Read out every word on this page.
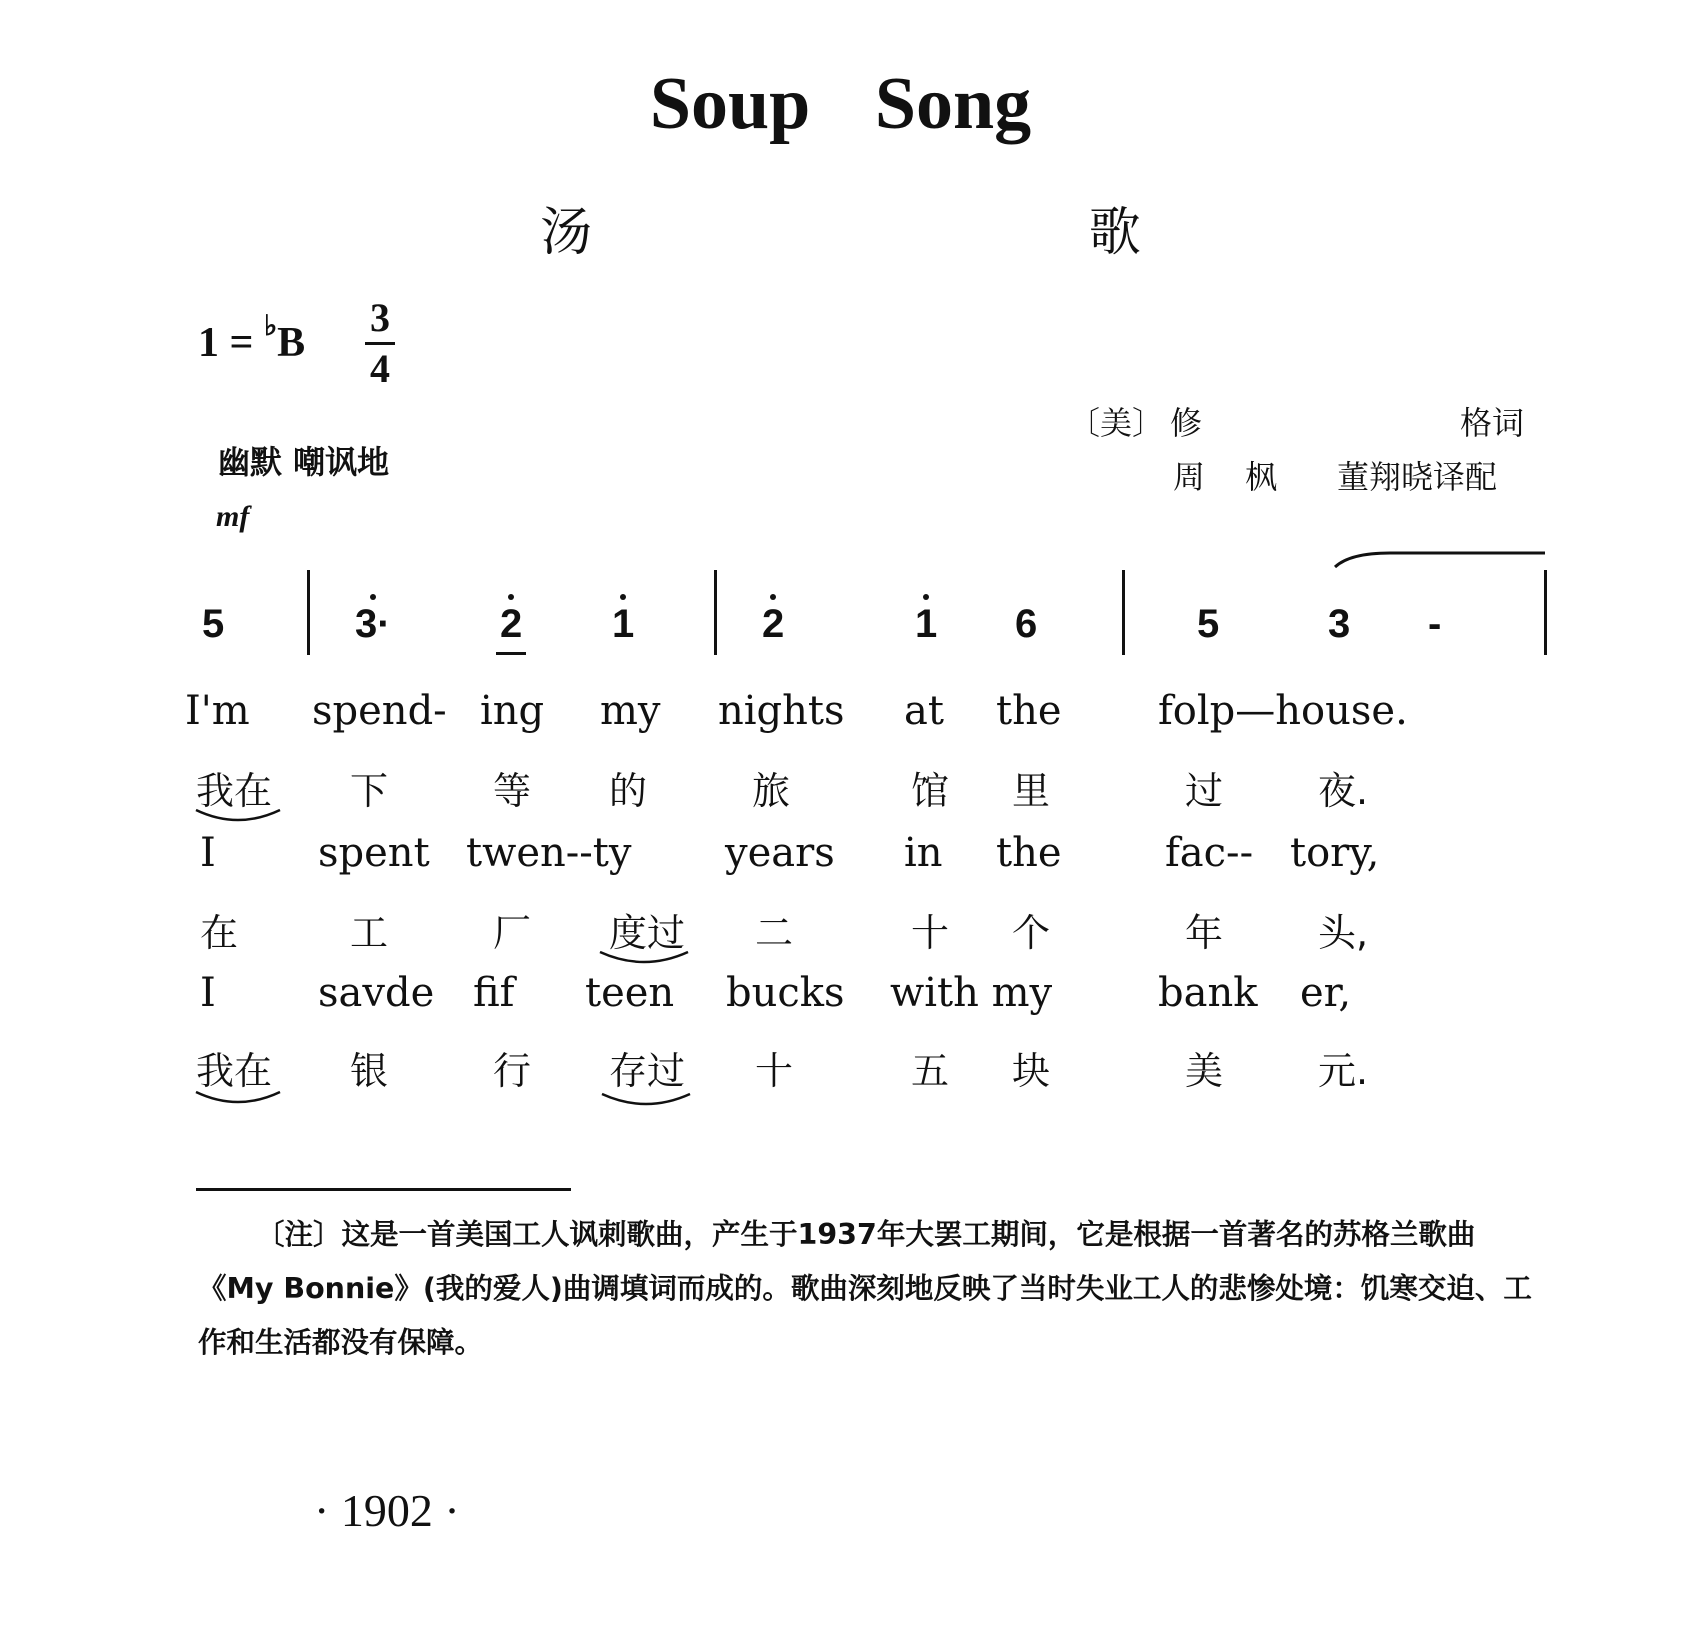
Soup Song
汤 歌
1 = ♭B
3
4
幽默 嘲讽地
mf
〔美〕 修	格词
周 枫 董翔晓译配
5	3·	2 1	2	1 6	5	3 -
I'm spend- ing my nights at the folp—house.
我在 下	等 的	旅	馆 里	过 夜.
I	spent twen--ty years in the	fac-- tory,
在	工	厂 度过 二	十 个	年 头,
I	savde fif teen bucks with my	bank er,
我在 银	行 存过 十	五 块	美 元.
〔注〕这是一首美国工人讽刺歌曲，产生于1937年大罢工期间，它是根据一首著名的苏格兰歌曲《My Bonnie》(我的爱人)曲调填词而成的。歌曲深刻地反映了当时失业工人的悲惨处境：饥寒交迫、工作和生活都没有保障。
· 1902 ·
